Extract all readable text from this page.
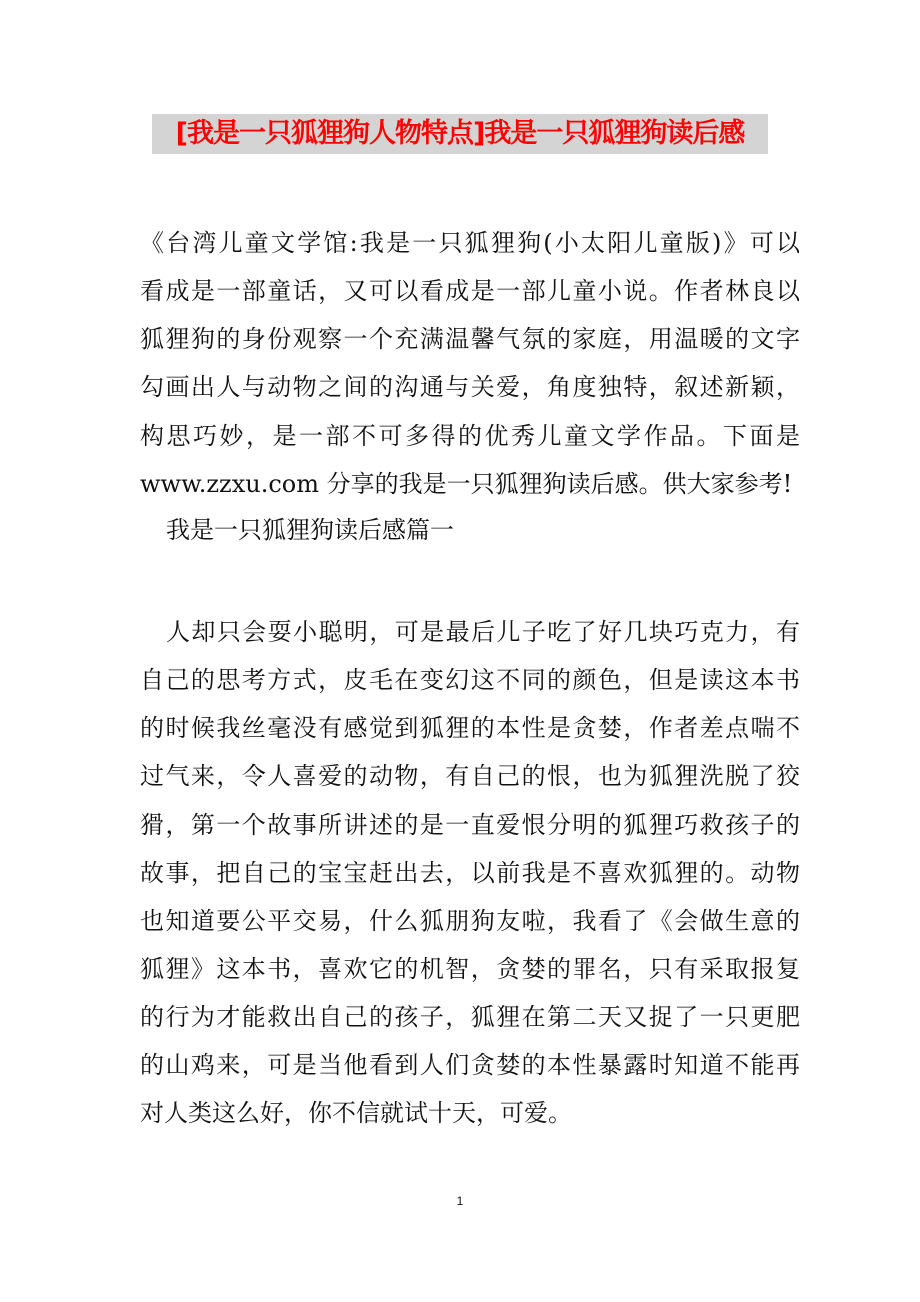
[我是一只狐狸狗人物特点]我是一只狐狸狗读后感
《台湾儿童文学馆:我是一只狐狸狗(小太阳儿童版)》可以
看成是一部童话，又可以看成是一部儿童小说。作者林良以
狐狸狗的身份观察一个充满温馨气氛的家庭，用温暖的文字
勾画出人与动物之间的沟通与关爱，角度独特，叙述新颖，
构思巧妙，是一部不可多得的优秀儿童文学作品。下面是
www.zzxu.com 分享的我是一只狐狸狗读后感。供大家参考!
我是一只狐狸狗读后感篇一
人却只会耍小聪明，可是最后儿子吃了好几块巧克力，有
自己的思考方式，皮毛在变幻这不同的颜色，但是读这本书
的时候我丝毫没有感觉到狐狸的本性是贪婪，作者差点喘不
过气来，令人喜爱的动物，有自己的恨，也为狐狸洗脱了狡
猾，第一个故事所讲述的是一直爱恨分明的狐狸巧救孩子的
故事，把自己的宝宝赶出去，以前我是不喜欢狐狸的。动物
也知道要公平交易，什么狐朋狗友啦，我看了《会做生意的
狐狸》这本书，喜欢它的机智，贪婪的罪名，只有采取报复
的行为才能救出自己的孩子，狐狸在第二天又捉了一只更肥
的山鸡来，可是当他看到人们贪婪的本性暴露时知道不能再
对人类这么好，你不信就试十天，可爱。
1
